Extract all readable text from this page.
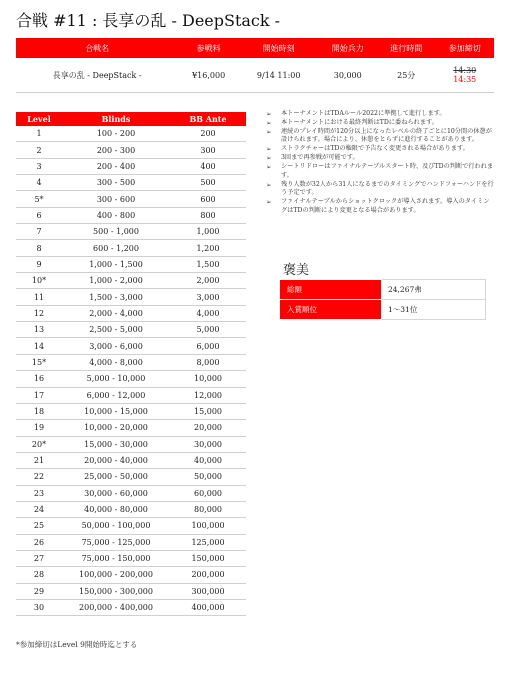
合戦 #11 : 長享の乱 - DeepStack -
合戦名	参戦料	開始時刻	開始兵力	進行時間	参加締切
長享の乱 - DeepStack -	¥16,000	9/14 11:00	30,000	25分	14:30
14:35
Level	Blinds	BB Ante
1	100 - 200	200
2	200 - 300	300
3	200 - 400	400
4	300 - 500	500
5*	300 - 600	600
6	400 - 800	800
7	500 - 1,000	1,000
8	600 - 1,200	1,200
9	1,000 - 1,500	1,500
10*	1,000 - 2,000	2,000
11	1,500 - 3,000	3,000
12	2,000 - 4,000	4,000
13	2,500 - 5,000	5,000
14	3,000 - 6,000	6,000
15*	4,000 - 8,000	8,000
16	5,000 - 10,000	10,000
17	6,000 - 12,000	12,000
18	10,000 - 15,000	15,000
19	10,000 - 20,000	20,000
20*	15,000 - 30,000	30,000
21	20,000 - 40,000	40,000
22	25,000 - 50,000	50,000
23	30,000 - 60,000	60,000
24	40,000 - 80,000	80,000
25	50,000 - 100,000	100,000
26	75,000 - 125,000	125,000
27	75,000 - 150,000	150,000
28	100,000 - 200,000	200,000
29	150,000 - 300,000	300,000
30	200,000 - 400,000	400,000
*参加締切はLevel 9開始時迄とする
➢ 本トーナメントはTDAルール2022に準拠して進行します。
➢ 本トーナメントにおける最終判断はTDに委ねられます。
➢ 連続のプレイ時間が120分以上になったレベルの終了ごとに10分間の休憩が設けられます。場合により、休憩をとらずに進行することがあります。
➢ ストラクチャーはTDの権限で予告なく変更される場合があります。
➢ 3回まで再参戦が可能です。
➢ シートリドローはファイナルテーブルスタート時、及びTDの判断で行われます。
➢ 残り人数が32人から31人になるまでのタイミングでハンドフォーハンドを行う予定です。
➢ ファイナルテーブルからショットクロックが導入されます。導入のタイミングはTDの判断により変更となる場合があります。
褒美
総額	24,267弗
入賞順位	1～31位
